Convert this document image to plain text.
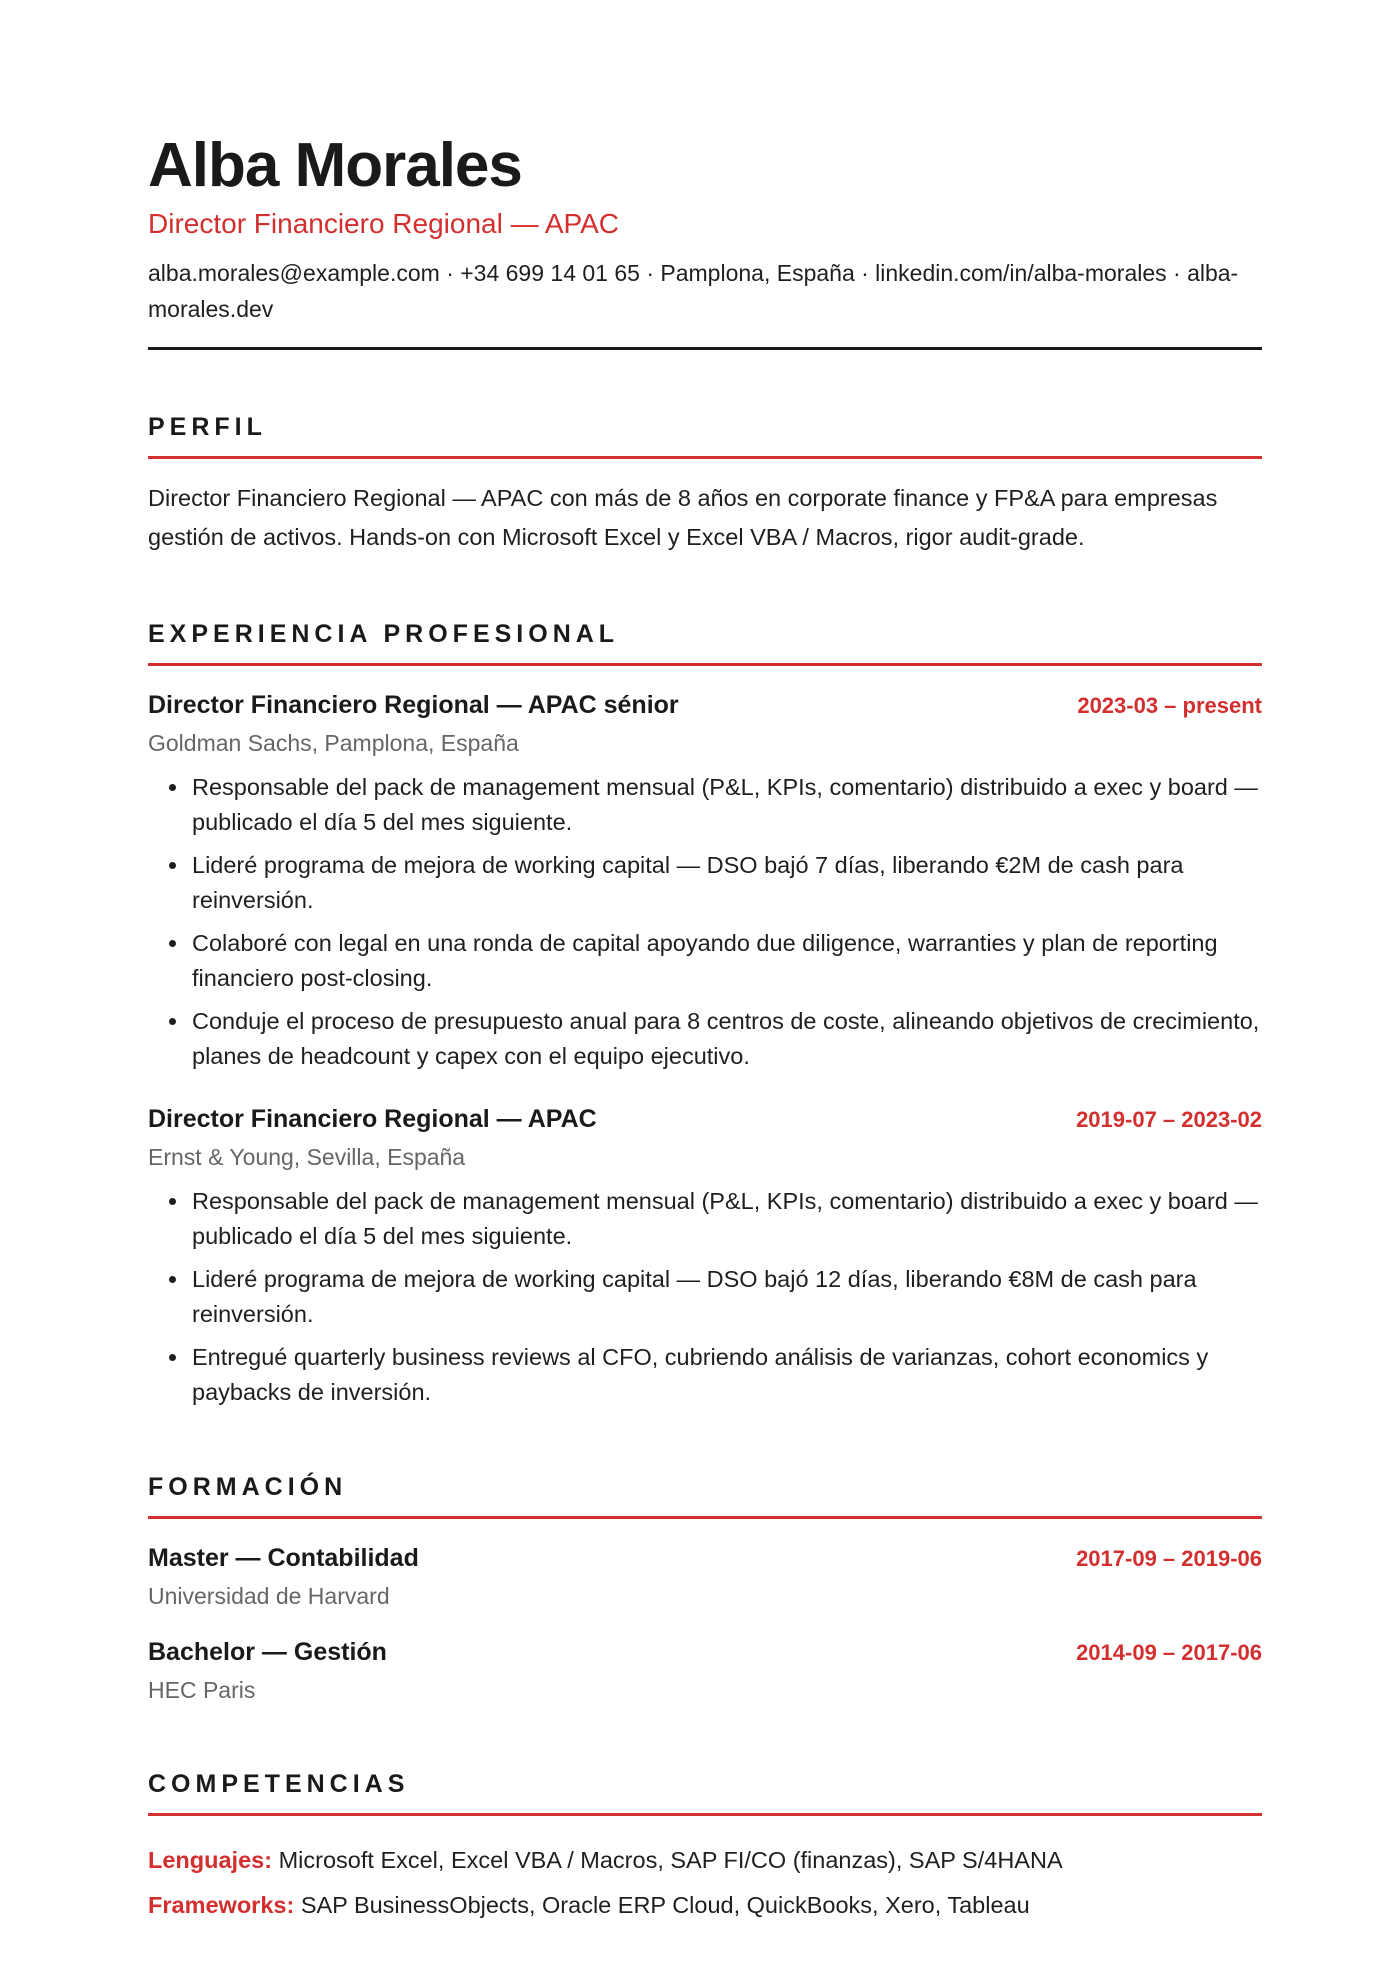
Alba Morales
Director Financiero Regional — APAC
alba.morales@example.com · +34 699 14 01 65 · Pamplona, España · linkedin.com/in/alba-morales · alba-morales.dev
PERFIL
Director Financiero Regional — APAC con más de 8 años en corporate finance y FP&A para empresas gestión de activos. Hands-on con Microsoft Excel y Excel VBA / Macros, rigor audit-grade.
EXPERIENCIA PROFESIONAL
Director Financiero Regional — APAC sénior	2023-03 – present
Goldman Sachs, Pamplona, España
• Responsable del pack de management mensual (P&L, KPIs, comentario) distribuido a exec y board — publicado el día 5 del mes siguiente.
• Lideré programa de mejora de working capital — DSO bajó 7 días, liberando €2M de cash para reinversión.
• Colaboré con legal en una ronda de capital apoyando due diligence, warranties y plan de reporting financiero post-closing.
• Conduje el proceso de presupuesto anual para 8 centros de coste, alineando objetivos de crecimiento, planes de headcount y capex con el equipo ejecutivo.
Director Financiero Regional — APAC	2019-07 – 2023-02
Ernst & Young, Sevilla, España
• Responsable del pack de management mensual (P&L, KPIs, comentario) distribuido a exec y board — publicado el día 5 del mes siguiente.
• Lideré programa de mejora de working capital — DSO bajó 12 días, liberando €8M de cash para reinversión.
• Entregué quarterly business reviews al CFO, cubriendo análisis de varianzas, cohort economics y paybacks de inversión.
FORMACIÓN
Master — Contabilidad	2017-09 – 2019-06
Universidad de Harvard
Bachelor — Gestión	2014-09 – 2017-06
HEC Paris
COMPETENCIAS
Lenguajes: Microsoft Excel, Excel VBA / Macros, SAP FI/CO (finanzas), SAP S/4HANA
Frameworks: SAP BusinessObjects, Oracle ERP Cloud, QuickBooks, Xero, Tableau
